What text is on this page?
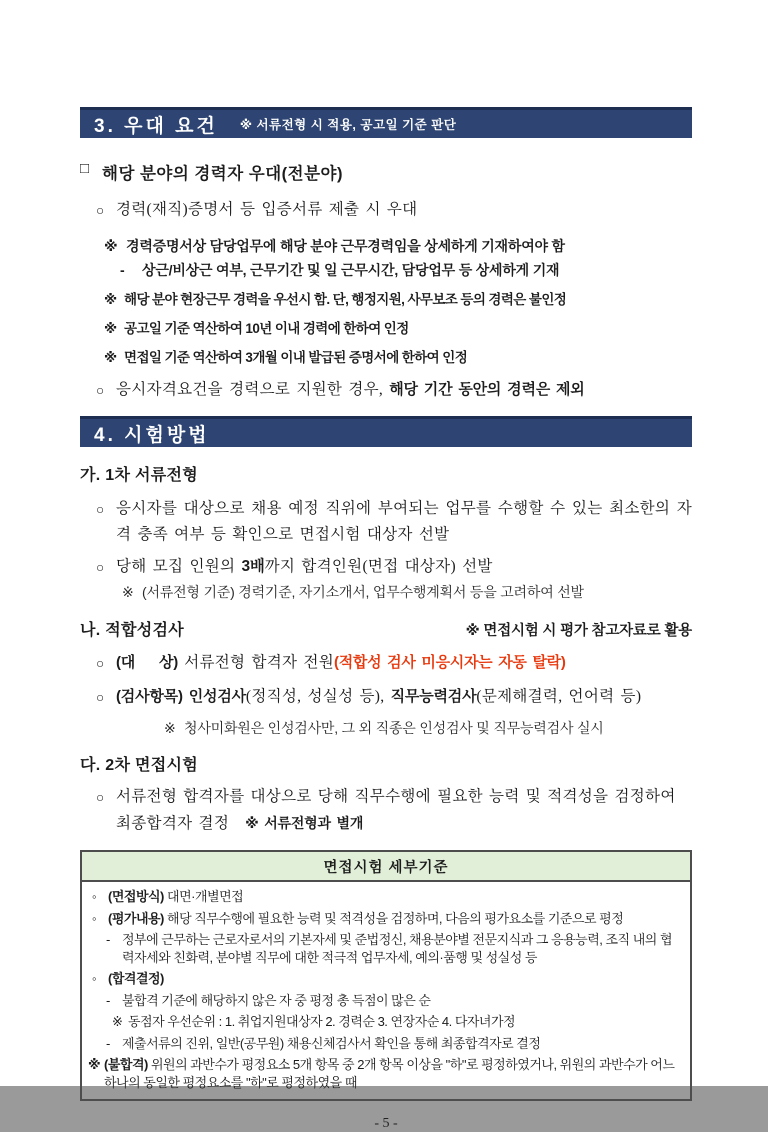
3. 우대 요건 ※ 서류전형 시 적용, 공고일 기준 판단
□ 해당 분야의 경력자 우대(전분야)
○ 경력(재직)증명서 등 입증서류 제출 시 우대
※ 경력증명서상 담당업무에 해당 분야 근무경력임을 상세하게 기재하여야 함
-	상근/비상근 여부, 근무기간 및 일 근무시간, 담당업무 등 상세하게 기재
※ 해당 분야 현장근무 경력을 우선시 함. 단, 행정지원, 사무보조 등의 경력은 불인정
※ 공고일 기준 역산하여 10년 이내 경력에 한하여 인정
※ 면접일 기준 역산하여 3개월 이내 발급된 증명서에 한하여 인정
○ 응시자격요건을 경력으로 지원한 경우, 해당 기간 동안의 경력은 제외
4. 시험방법
가. 1차 서류전형
○ 응시자를 대상으로 채용 예정 직위에 부여되는 업무를 수행할 수 있는 최소한의 자격 충족 여부 등 확인으로 면접시험 대상자 선발
○ 당해 모집 인원의 3배까지 합격인원(면접 대상자) 선발
※ (서류전형 기준) 경력기준, 자기소개서, 업무수행계획서 등을 고려하여 선발
나. 적합성검사	※ 면접시험 시 평가 참고자료로 활용
○ (대    상) 서류전형 합격자 전원(적합성 검사 미응시자는 자동 탈락)
○ (검사항목) 인성검사(정직성, 성실성 등), 직무능력검사(문제해결력, 언어력 등)
※ 청사미화원은 인성검사만, 그 외 직종은 인성검사 및 직무능력검사 실시
다. 2차 면접시험
○ 서류전형 합격자를 대상으로 당해 직무수행에 필요한 능력 및 적격성을 검정하여 최종합격자 결정 ※ 서류전형과 별개
면접시험 세부기준
◦ (면접방식) 대면·개별면접
◦ (평가내용) 해당 직무수행에 필요한 능력 및 적격성을 검정하며, 다음의 평가요소를 기준으로 평정
- 정부에 근무하는 근로자로서의 기본자세 및 준법정신, 채용분야별 전문지식과 그 응용능력, 조직 내의 협력자세와 친화력, 분야별 직무에 대한 적극적 업무자세, 예의·품행 및 성실성 등
◦ (합격결정)
- 불합격 기준에 해당하지 않은 자 중 평정 총 득점이 많은 순
※ 동점자 우선순위 : 1. 취업지원대상자 2. 경력순 3. 연장자순 4. 다자녀가정
- 제출서류의 진위, 일반(공무원) 채용신체검사서 확인을 통해 최종합격자로 결정
※ (불합격) 위원의 과반수가 평정요소 5개 항목 중 2개 항목 이상을 "하"로 평정하였거나, 위원의 과반수가 어느 하나의 동일한 평정요소를 "하"로 평정하였을 때
- 5 -
